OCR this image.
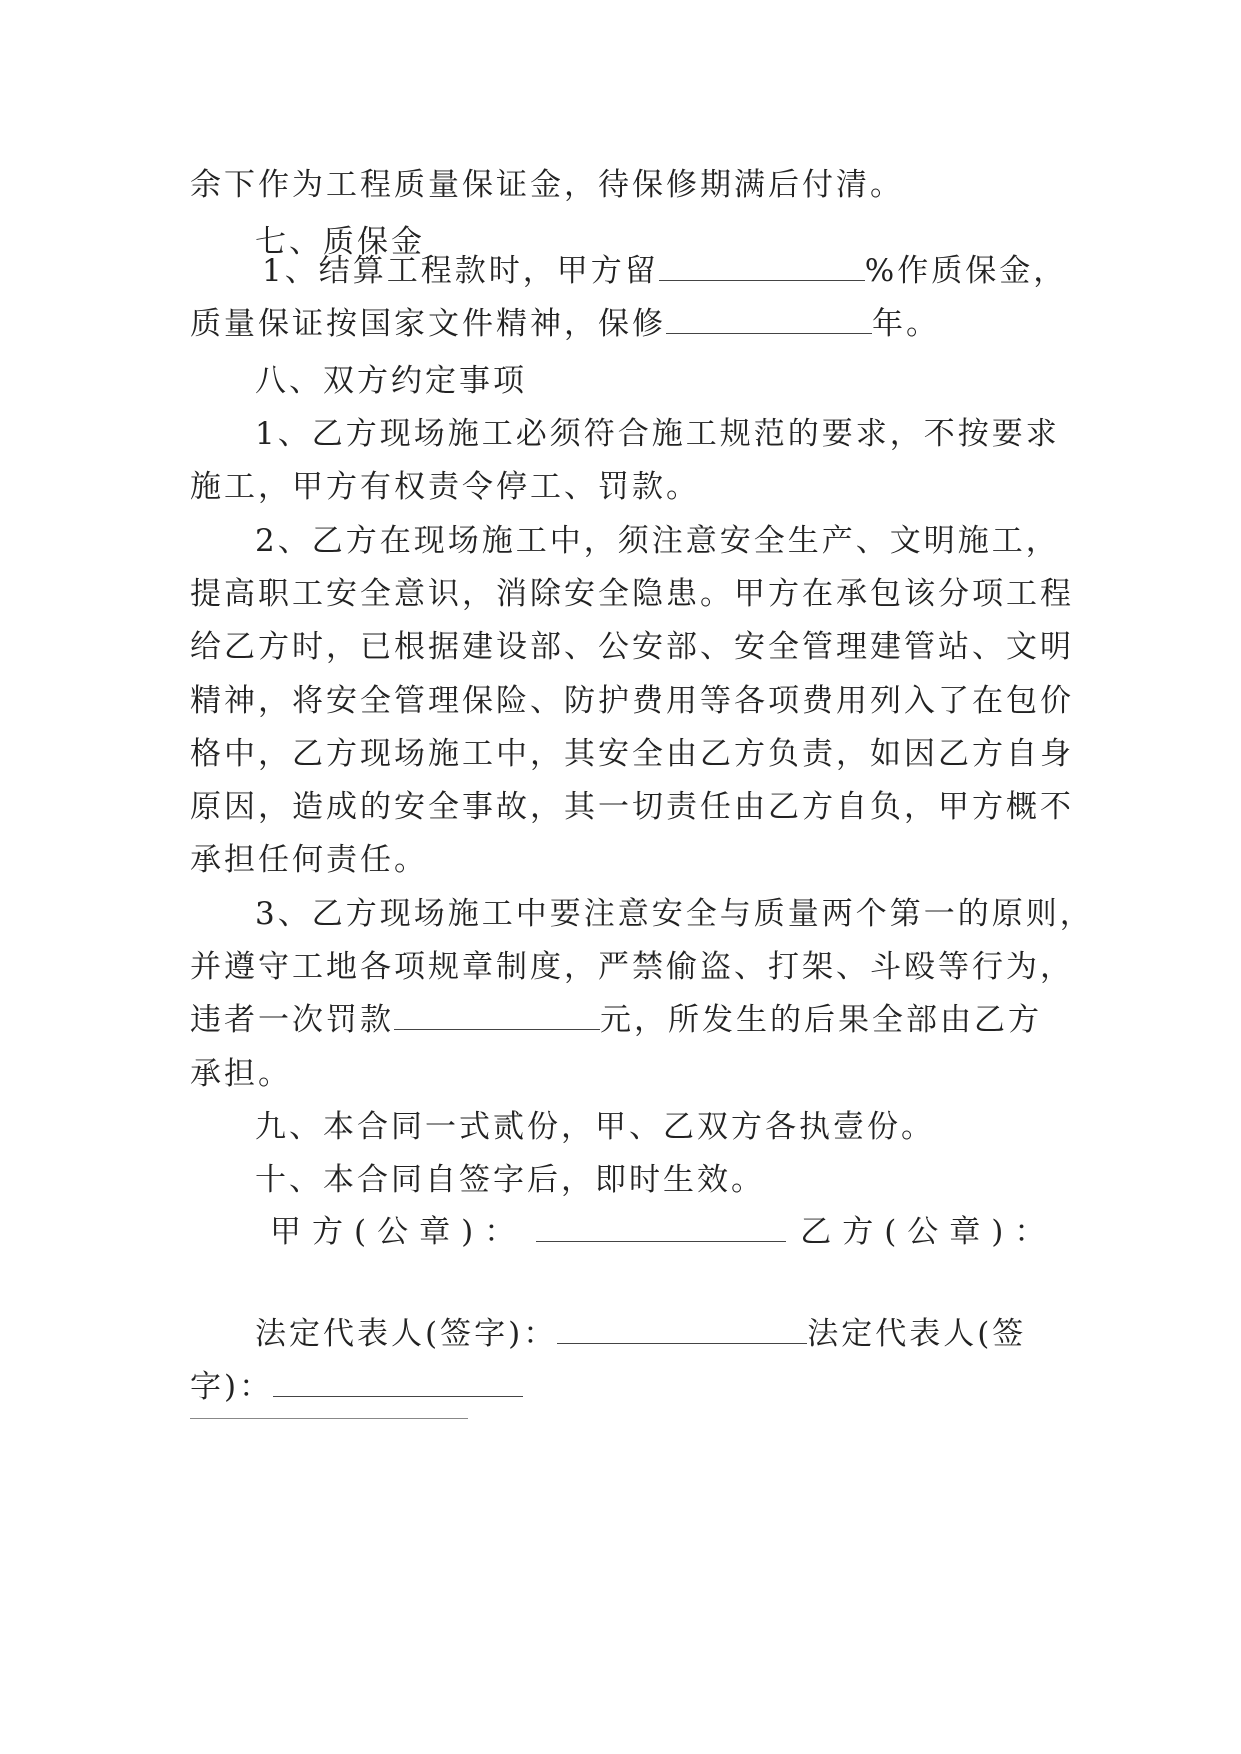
余下作为工程质量保证金，待保修期满后付清。
七、质保金
1、结算工程款时，甲方留	%作质保金，
质量保证按国家文件精神，保修	年。
八、双方约定事项
1、乙方现场施工必须符合施工规范的要求，不按要求
施工，甲方有权责令停工、罚款。
2、乙方在现场施工中，须注意安全生产、文明施工，
提高职工安全意识，消除安全隐患。甲方在承包该分项工程
给乙方时，已根据建设部、公安部、安全管理建管站、文明
精神，将安全管理保险、防护费用等各项费用列入了在包价
格中，乙方现场施工中，其安全由乙方负责，如因乙方自身
原因，造成的安全事故，其一切责任由乙方自负，甲方概不
承担任何责任。
3、乙方现场施工中要注意安全与质量两个第一的原则，
并遵守工地各项规章制度，严禁偷盗、打架、斗殴等行为，
违者一次罚款	元，所发生的后果全部由乙方
承担。
九、本合同一式贰份，甲、乙双方各执壹份。
十、本合同自签字后，即时生效。
甲方(公章)：	乙方(公章)：
法定代表人(签字)：	法定代表人(签
字)：
